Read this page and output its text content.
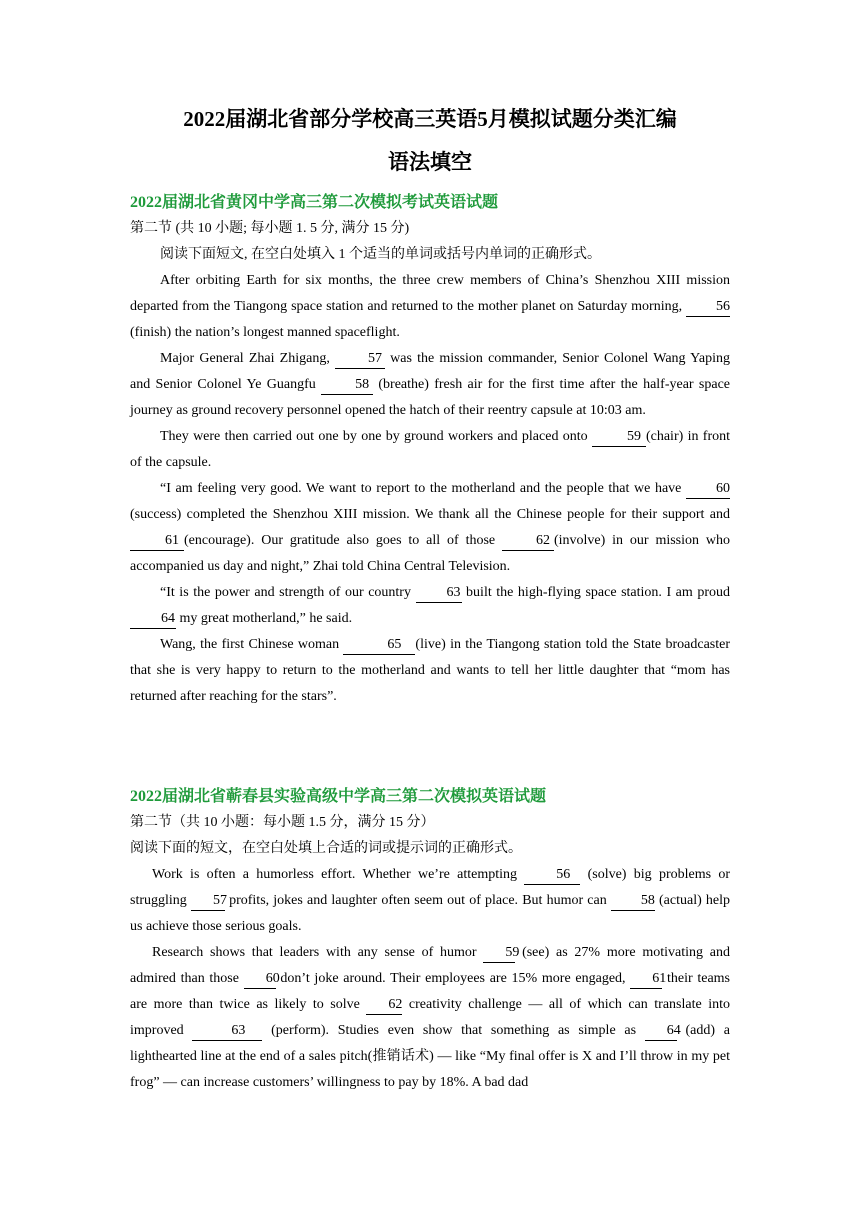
2022届湖北省部分学校高三英语5月模拟试题分类汇编
语法填空
2022届湖北省黄冈中学高三第二次模拟考试英语试题
第二节 (共 10 小题; 每小题 1. 5 分, 满分 15 分)
阅读下面短文, 在空白处填入 1 个适当的单词或括号内单词的正确形式。

After orbiting Earth for six months, the three crew members of China’s Shenzhou XIII mission departed from the Tiangong space station and returned to the mother planet on Saturday morning, 56 (finish) the nation’s longest manned spaceflight.

Major General Zhai Zhigang, 57 was the mission commander, Senior Colonel Wang Yaping and Senior Colonel Ye Guangfu 58 (breathe) fresh air for the first time after the half-year space journey as ground recovery personnel opened the hatch of their reentry capsule at 10:03 am.

They were then carried out one by one by ground workers and placed onto	59 (chair) in front of the capsule.

“I am feeling very good. We want to report to the motherland and the people that we have 60(success) completed the Shenzhou XIII mission. We thank all the Chinese people for their support and 61 (encourage). Our gratitude also goes to all of those 62 (involve) in our mission who accompanied us day and night,” Zhai told China Central Television.

“It is the power and strength of our country 63 built the high-flying space station. I am proud 64 my great motherland,” he said.

Wang, the first Chinese woman	65 (live) in the Tiangong station told the State broadcaster that she is very happy to return to the motherland and wants to tell her little daughter that “mom has returned after reaching for the stars”.

2022届湖北省蕲春县实验高级中学高三第二次模拟英语试题
第二节（共 10 小题：每小题 1.5 分，满分 15 分）
阅读下面的短文，在空白处填上合适的词或提示词的正确形式。

Work is often a humorless effort. Whether we’re attempting 56 (solve) big problems or struggling 57 profits, jokes and laughter often seem out of place. But humor can 58 (actual) help us achieve those serious goals.

Research shows that leaders with any sense of humor 59 (see) as 27% more motivating and admired than those 60 don’t joke around. Their employees are 15% more engaged, 61 their teams are more than twice as likely to solve 62 creativity challenge — all of which can translate into improved	63 (perform). Studies even show that something as simple as 64 (add) a lighthearted line at the end of a sales pitch(推销话术) — like “My final offer is X and I’ll throw in my pet frog” — can increase customers’ willingness to pay by 18%. A bad dad
